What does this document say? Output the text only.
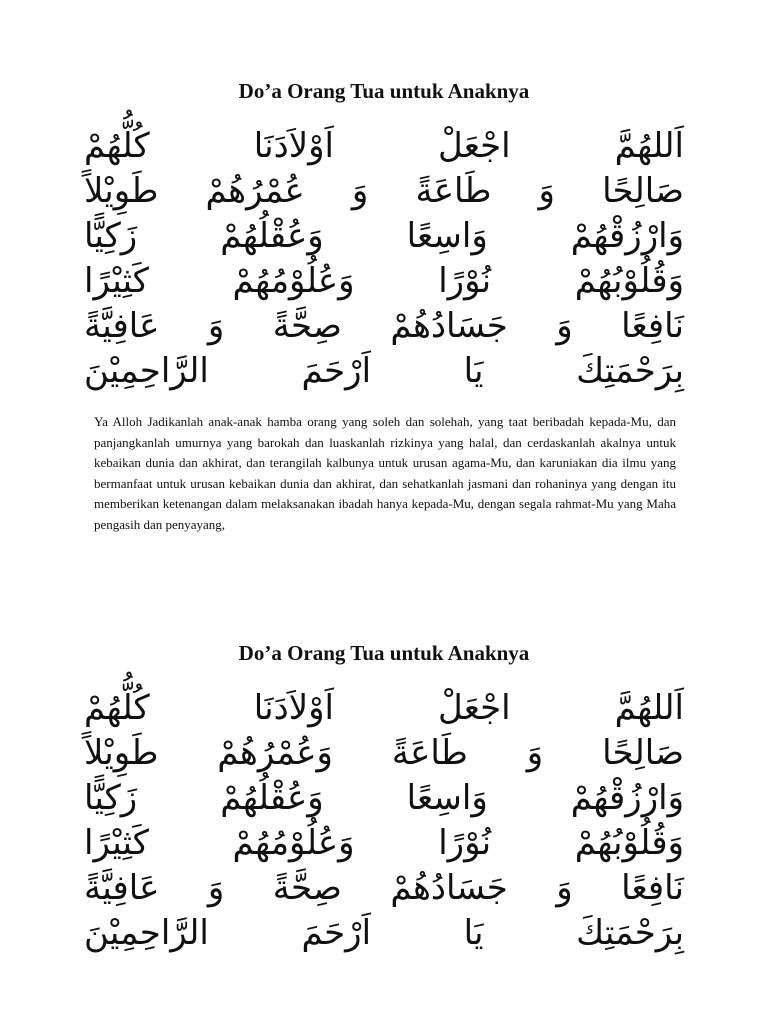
Do’a Orang Tua untuk Anaknya
اَللهُمَّ اجْعَلْ اَوْلاَدَنَا كُلُّهُمْ
صَالِحًا وَ طَاعَةً وَ عُمْرُهُمْ طَوِيْلاً
وَارْزُقْهُمْ وَاسِعًا وَعُقْلُهُمْ زَكِيًّا
وَقُلُوْبُهُمْ نُوْرًا وَعُلُوْمُهُمْ كَثِيْرًا
نَافِعًا وَ جَسَادُهُمْ صِحَّةً وَ عَافِيَّةً
بِرَحْمَتِكَ يَا اَرْحَمَ الرَّاحِمِيْنَ

Ya Alloh Jadikanlah anak-anak hamba orang yang soleh dan solehah, yang taat beribadah kepada-Mu, dan panjangkanlah umurnya yang barokah dan luaskanlah rizkinya yang halal, dan cerdaskanlah akalnya untuk kebaikan dunia dan akhirat, dan terangilah kalbunya untuk urusan agama-Mu, dan karuniakan dia ilmu yang bermanfaat untuk urusan kebaikan dunia dan akhirat, dan sehatkanlah jasmani dan rohaninya yang dengan itu memberikan ketenangan dalam melaksanakan ibadah hanya kepada-Mu, dengan segala rahmat-Mu yang Maha pengasih dan penyayang,

Do’a Orang Tua untuk Anaknya
اَللهُمَّ اجْعَلْ اَوْلاَدَنَا كُلُّهُمْ
صَالِحًا وَ طَاعَةً وَعُمْرُهُمْ طَوِيْلاً
وَارْزُقْهُمْ وَاسِعًا وَعُقْلُهُمْ زَكِيًّا
وَقُلُوْبُهُمْ نُوْرًا وَعُلُوْمُهُمْ كَثِيْرًا
نَافِعًا وَ جَسَادُهُمْ صِحَّةً وَ عَافِيَّةً
بِرَحْمَتِكَ يَا اَرْحَمَ الرَّاحِمِيْنَ
